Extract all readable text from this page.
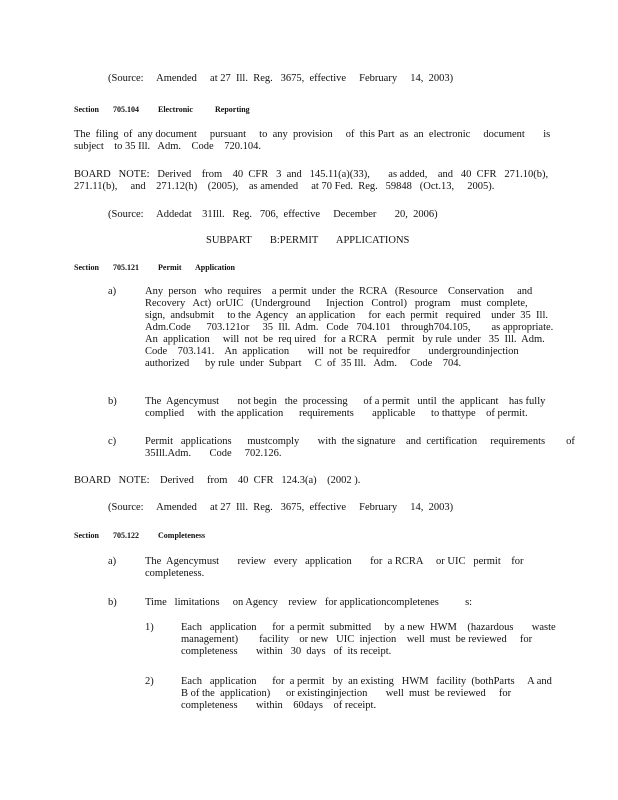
(Source:     Amended     at 27  Ill.  Reg.   3675,  effective     February     14,  2003)
Section 705.104 Electronic	Reporting
The  filing  of  any document     pursuant     to  any  provision     of  this Part  as  an  electronic     document       is
subject    to 35 Ill.   Adm.    Code    720.104.
BOARD   NOTE:   Derived    from    40  CFR   3  and   145.11(a)(33),       as added,    and   40  CFR   271.10(b),
271.11(b),     and    271.12(h)    (2005),    as amended     at 70 Fed.  Reg.   59848   (Oct.13,     2005).
(Source:     Addedat    31Ill.   Reg.   706,  effective     December       20,  2006)
SUBPART       B:PERMIT       APPLICATIONS
Section 705.121 Permit Application
a)	Any  person   who  requires    a permit  under  the  RCRA   (Resource    Conservation     and
Recovery   Act)  orUIC   (Underground      Injection   Control)   program    must  complete,
sign,  andsubmit     to the  Agency   an application     for  each  permit   required    under  35  Ill.
Adm.Code      703.121or     35  Ill.  Adm.   Code   704.101    through704.105,        as appropriate.
An  application     will  not  be  req uired   for  a RCRA    permit   by rule  under   35  Ill.  Adm.
Code    703.141.    An  application       will  not  be  requiredfor       undergroundinjection
authorized      by rule  under  Subpart     C  of  35 Ill.   Adm.     Code    704.
b)	The  Agencymust       not begin   the  processing      of a permit   until  the  applicant    has fully
complied     with  the application      requirements       applicable      to thattype    of permit.
c)	Permit   applications      mustcomply       with  the signature    and  certification     requirements        of
35Ill.Adm.       Code     702.126.
BOARD   NOTE:    Derived     from    40  CFR   124.3(a)    (2002 ).
(Source:     Amended     at 27  Ill.  Reg.   3675,  effective     February     14,  2003)
Section 705.122 Completeness
a)	The  Agencymust       review   every   application       for  a RCRA     or UIC   permit    for
completeness.
b)	Time   limitations     on Agency    review   for applicationcompletenes          s:
1)	Each   application      for  a permit  submitted     by  a new  HWM    (hazardous       waste
management)        facility    or new   UIC  injection    well  must  be reviewed     for
completeness       within   30  days   of  its receipt.
2)	Each   application      for  a permit   by  an existing   HWM   facility  (bothParts     A and
B of the  application)      or existinginjection       well  must  be reviewed     for
completeness       within    60days    of receipt.
